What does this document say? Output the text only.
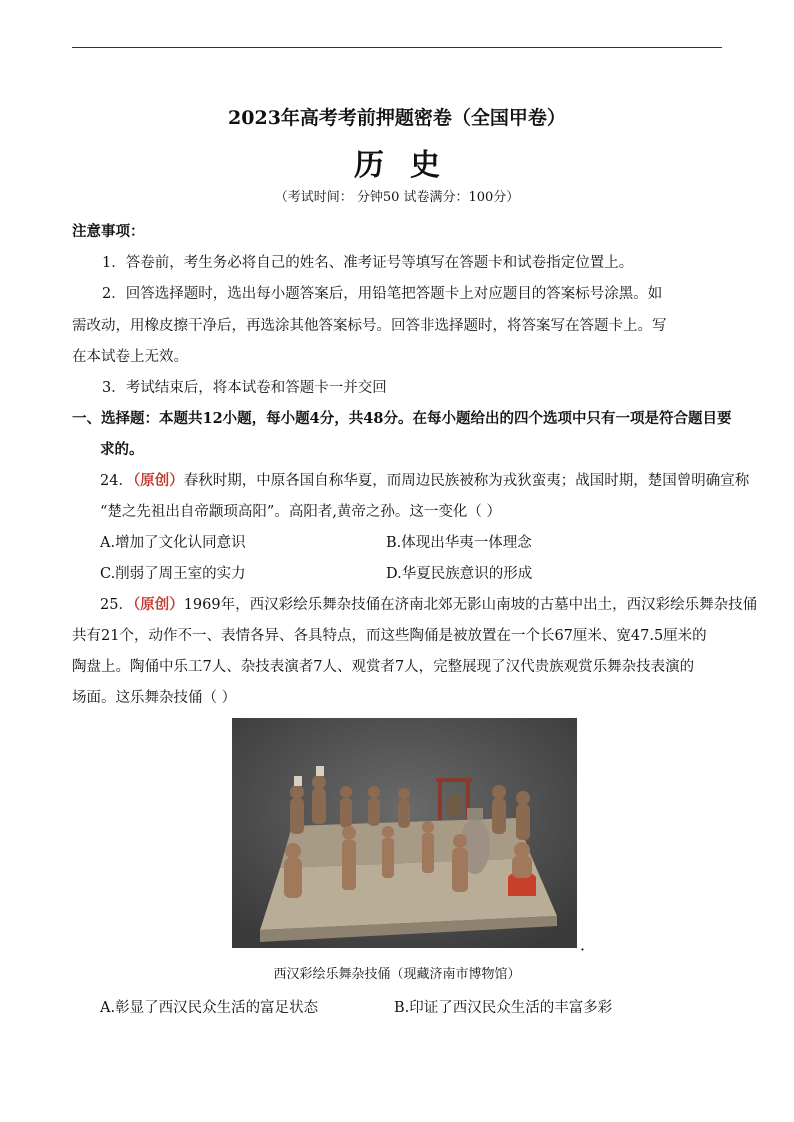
2023年高考考前押题密卷（全国甲卷）
历史
（考试时间： 分钟50 试卷满分：100分）
注意事项：
1．答卷前，考生务必将自己的姓名、准考证号等填写在答题卡和试卷指定位置上。
2．回答选择题时，选出每小题答案后，用铅笔把答题卡上对应题目的答案标号涂黑。如
需改动，用橡皮擦干净后，再选涂其他答案标号。回答非选择题时，将答案写在答题卡上。写
在本试卷上无效。
3．考试结束后，将本试卷和答题卡一并交回
一、选择题：本题共12小题，每小题4分，共48分。在每小题给出的四个选项中只有一项是符合题目要
求的。
24．（原创）春秋时期，中原各国自称华夏，而周边民族被称为戎狄蛮夷；战国时期，楚国曾明确宣称
“楚之先祖出自帝颛顼高阳”。高阳者,黄帝之孙。这一变化（ ）
A.增加了文化认同意识	B.体现出华夷一体理念
C.削弱了周王室的实力	D.华夏民族意识的形成
25．（原创）1969年，西汉彩绘乐舞杂技俑在济南北郊无影山南坡的古墓中出土，西汉彩绘乐舞杂技俑
共有21个，动作不一、表情各异、各具特点，而这些陶俑是被放置在一个长67厘米、宽47.5厘米的
陶盘上。陶俑中乐工7人、杂技表演者7人、观赏者7人，完整展现了汉代贵族观赏乐舞杂技表演的
场面。这乐舞杂技俑（ ）
．
西汉彩绘乐舞杂技俑（现藏济南市博物馆）
A.彰显了西汉民众生活的富足状态	B.印证了西汉民众生活的丰富多彩
